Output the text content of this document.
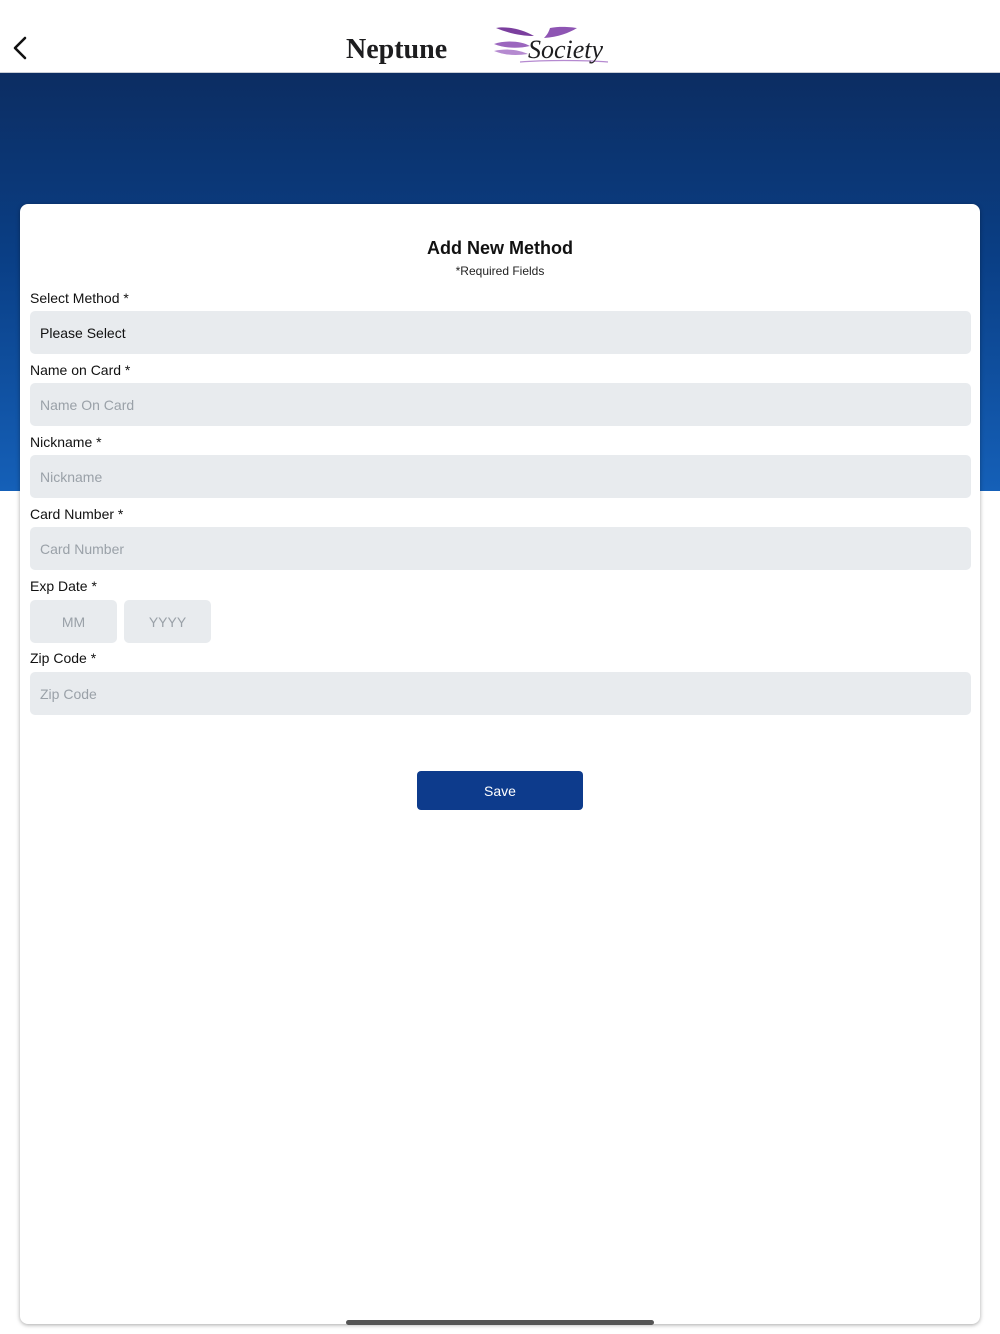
Neptune	Society
Add New Method
*Required Fields
Select Method *
Please Select
Name on Card *
Name On Card
Nickname *
Nickname
Card Number *
Card Number
Exp Date *
MM
YYYY
Zip Code *
Zip Code
Save
